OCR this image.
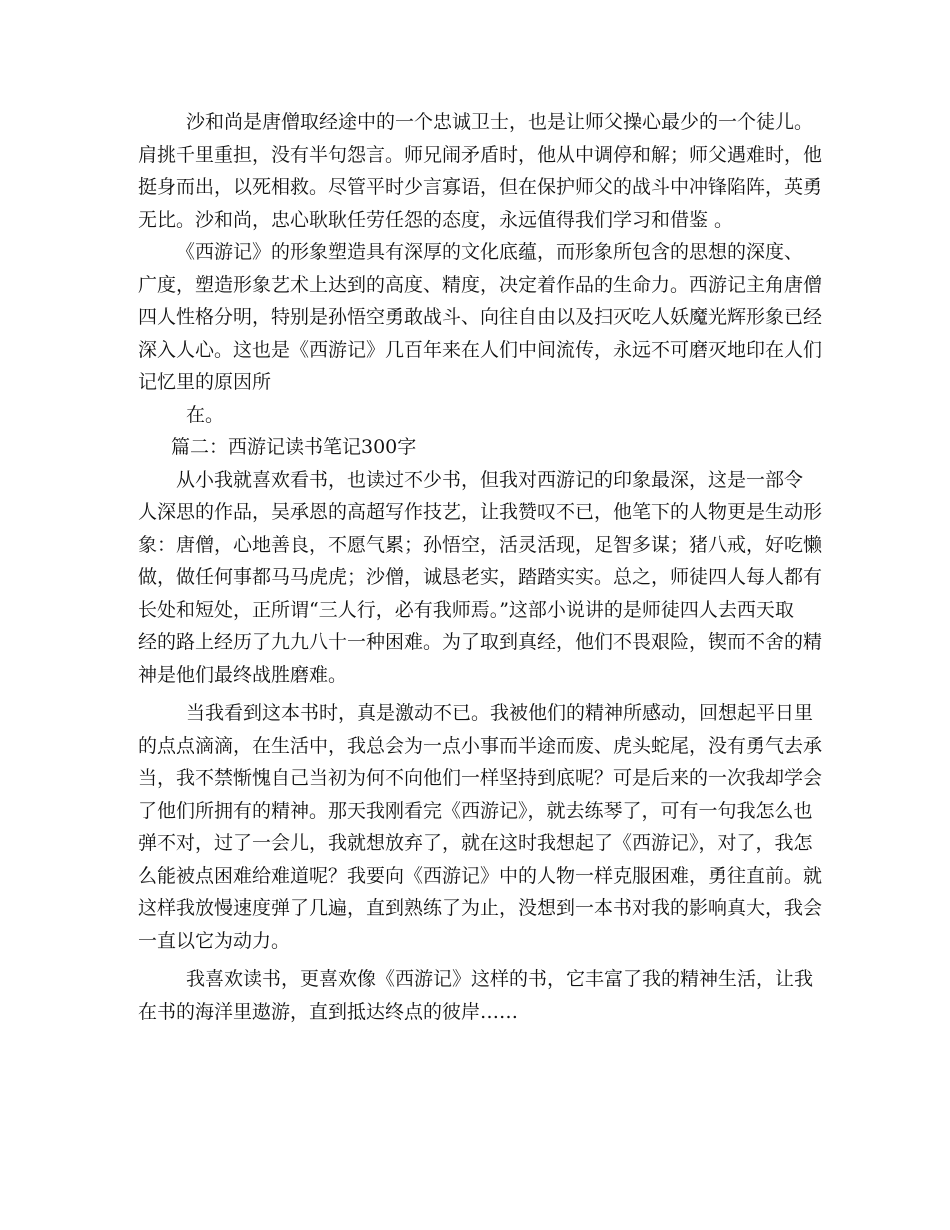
沙和尚是唐僧取经途中的一个忠诚卫士，也是让师父操心最少的一个徒儿。
肩挑千里重担，没有半句怨言。师兄闹矛盾时，他从中调停和解；师父遇难时，他
挺身而出，以死相救。尽管平时少言寡语，但在保护师父的战斗中冲锋陷阵，英勇
无比。沙和尚，忠心耿耿任劳任怨的态度，永远值得我们学习和借鉴 。
《西游记》的形象塑造具有深厚的文化底蕴，而形象所包含的思想的深度、
广度，塑造形象艺术上达到的高度、精度，决定着作品的生命力。西游记主角唐僧
四人性格分明，特别是孙悟空勇敢战斗、向往自由以及扫灭吃人妖魔光辉形象已经
深入人心。这也是《西游记》几百年来在人们中间流传，永远不可磨灭地印在人们
记忆里的原因所
在。
篇二：西游记读书笔记300字
从小我就喜欢看书，也读过不少书，但我对西游记的印象最深，这是一部令
人深思的作品，吴承恩的高超写作技艺，让我赞叹不已，他笔下的人物更是生动形
象：唐僧，心地善良，不愿气累；孙悟空，活灵活现，足智多谋；猪八戒，好吃懒
做，做任何事都马马虎虎；沙僧，诚恳老实，踏踏实实。总之，师徒四人每人都有
长处和短处，正所谓“三人行，必有我师焉。”这部小说讲的是师徒四人去西天取
经的路上经历了九九八十一种困难。为了取到真经，他们不畏艰险，锲而不舍的精
神是他们最终战胜磨难。
当我看到这本书时，真是激动不已。我被他们的精神所感动，回想起平日里
的点点滴滴，在生活中，我总会为一点小事而半途而废、虎头蛇尾，没有勇气去承
当，我不禁惭愧自己当初为何不向他们一样坚持到底呢？可是后来的一次我却学会
了他们所拥有的精神。那天我刚看完《西游记》，就去练琴了，可有一句我怎么也
弹不对，过了一会儿，我就想放弃了，就在这时我想起了《西游记》，对了，我怎
么能被点困难给难道呢？我要向《西游记》中的人物一样克服困难，勇往直前。就
这样我放慢速度弹了几遍，直到熟练了为止，没想到一本书对我的影响真大，我会
一直以它为动力。
我喜欢读书，更喜欢像《西游记》这样的书，它丰富了我的精神生活，让我
在书的海洋里遨游，直到抵达终点的彼岸……
